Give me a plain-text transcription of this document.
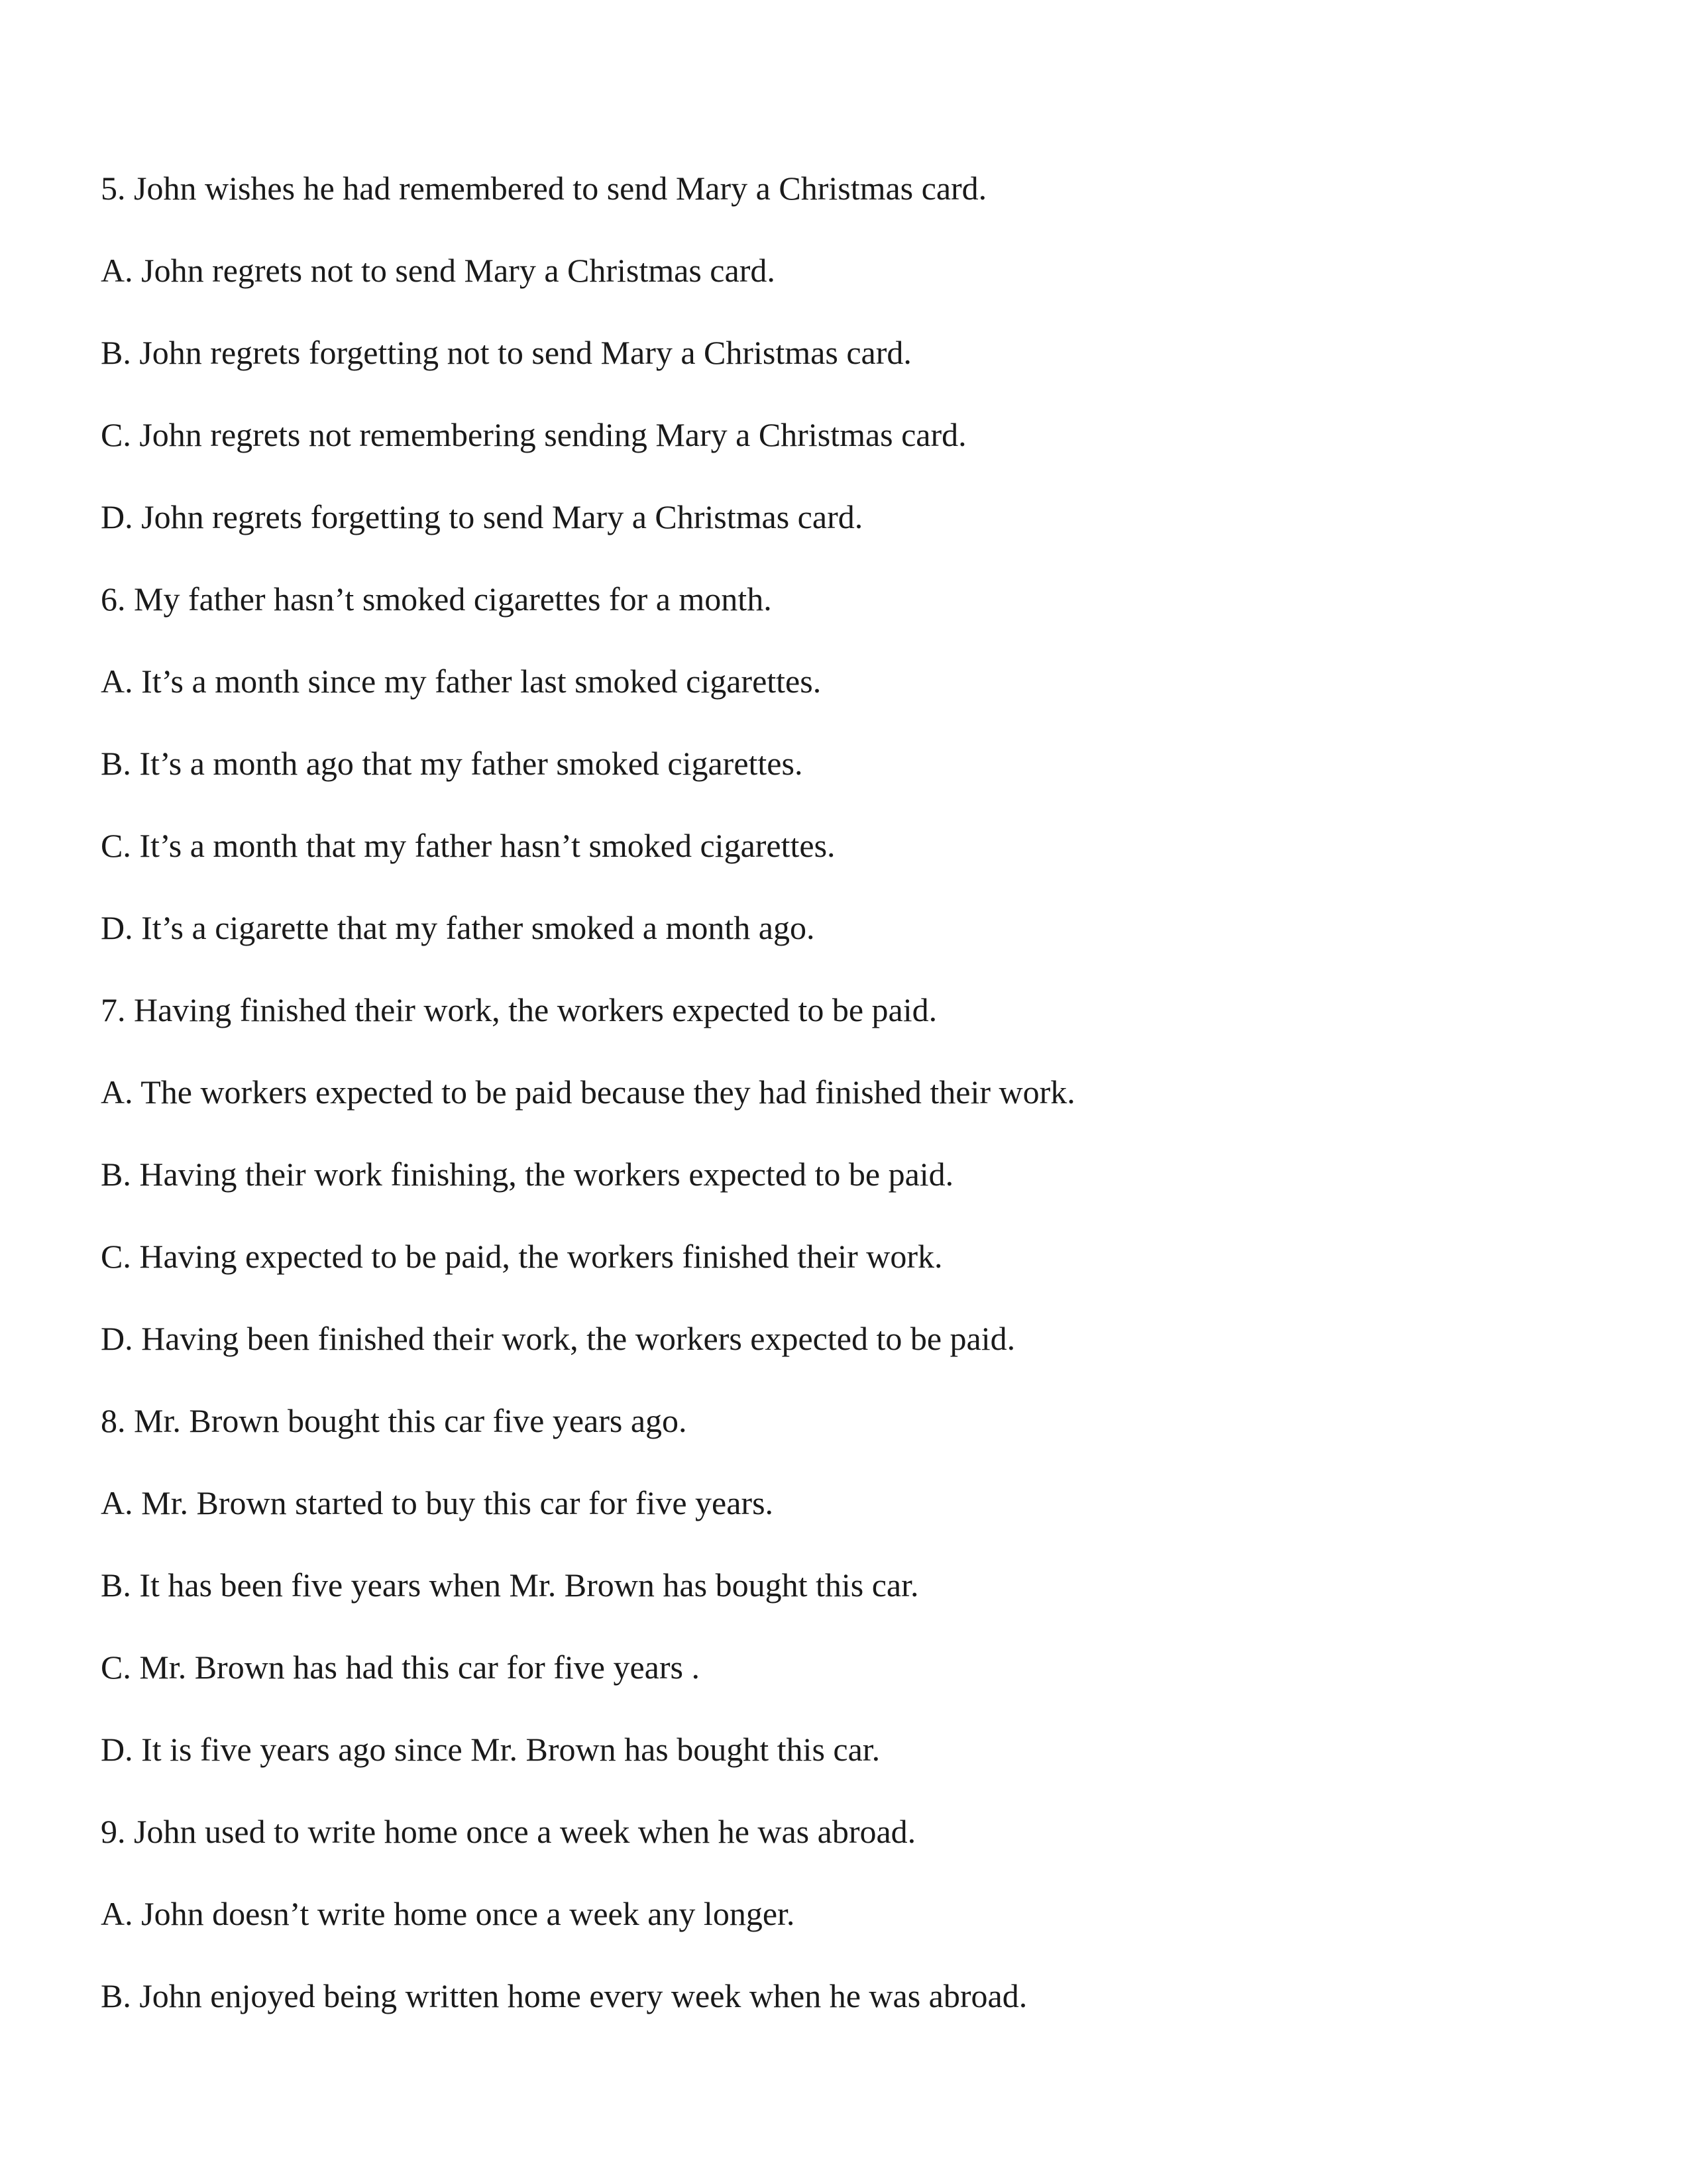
5. John wishes he had remembered to send Mary a Christmas card.
A. John regrets not to send Mary a Christmas card.
B. John regrets forgetting not to send Mary a Christmas card.
C. John regrets not remembering sending Mary a Christmas card.
D. John regrets forgetting to send Mary a Christmas card.
6. My father hasn’t smoked cigarettes for a month.
A. It’s a month since my father last smoked cigarettes.
B. It’s a month ago that my father smoked cigarettes.
C. It’s a month that my father hasn’t smoked cigarettes.
D. It’s a cigarette that my father smoked a month ago.
7. Having finished their work, the workers expected to be paid.
A. The workers expected to be paid because they had finished their work.
B. Having their work finishing, the workers expected to be paid.
C. Having expected to be paid, the workers finished their work.
D. Having been finished their work, the workers expected to be paid.
8. Mr. Brown bought this car five years ago.
A. Mr. Brown started to buy this car for five years.
B. It has been five years when Mr. Brown has bought this car.
C. Mr. Brown has had this car for five years .
D. It is five years ago since Mr. Brown has bought this car.
9. John used to write home once a week when he was abroad.
A. John doesn’t write home once a week any longer.
B. John enjoyed being written home every week when he was abroad.
